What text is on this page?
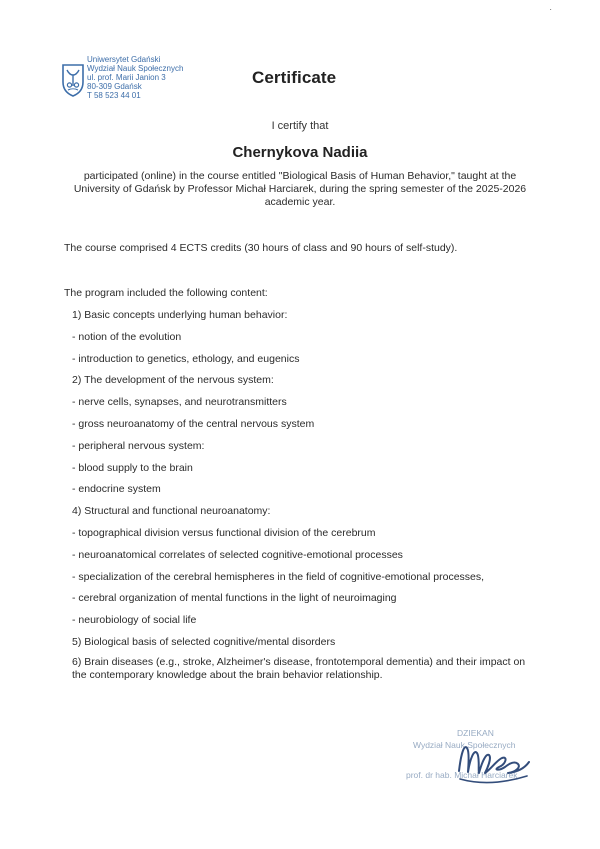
·
Uniwersytet Gdański
Wydział Nauk Społecznych
ul. prof. Marii Janion 3
80-309 Gdańsk
T 58 523 44 01
Certificate
I certify that
Chernykova Nadiia
participated (online) in the course entitled "Biological Basis of Human Behavior," taught at the University of Gdańsk by Professor Michał Harciarek, during the spring semester of the 2025-2026 academic year.
The course comprised 4 ECTS credits (30 hours of class and 90 hours of self-study).
The program included the following content:
1) Basic concepts underlying human behavior:
- notion of the evolution
- introduction to genetics, ethology, and eugenics
2) The development of the nervous system:
- nerve cells, synapses, and neurotransmitters
- gross neuroanatomy of the central nervous system
- peripheral nervous system:
- blood supply to the brain
- endocrine system
4) Structural and functional neuroanatomy:
- topographical division versus functional division of the cerebrum
- neuroanatomical correlates of selected cognitive-emotional processes
- specialization of the cerebral hemispheres in the field of cognitive-emotional processes,
- cerebral organization of mental functions in the light of neuroimaging
- neurobiology of social life
5) Biological basis of selected cognitive/mental disorders
6) Brain diseases (e.g., stroke, Alzheimer's disease, frontotemporal dementia) and their impact on the contemporary knowledge about the brain behavior relationship.
DZIEKAN
Wydział Nauk Społecznych
prof. dr hab. Michał Harciarek
